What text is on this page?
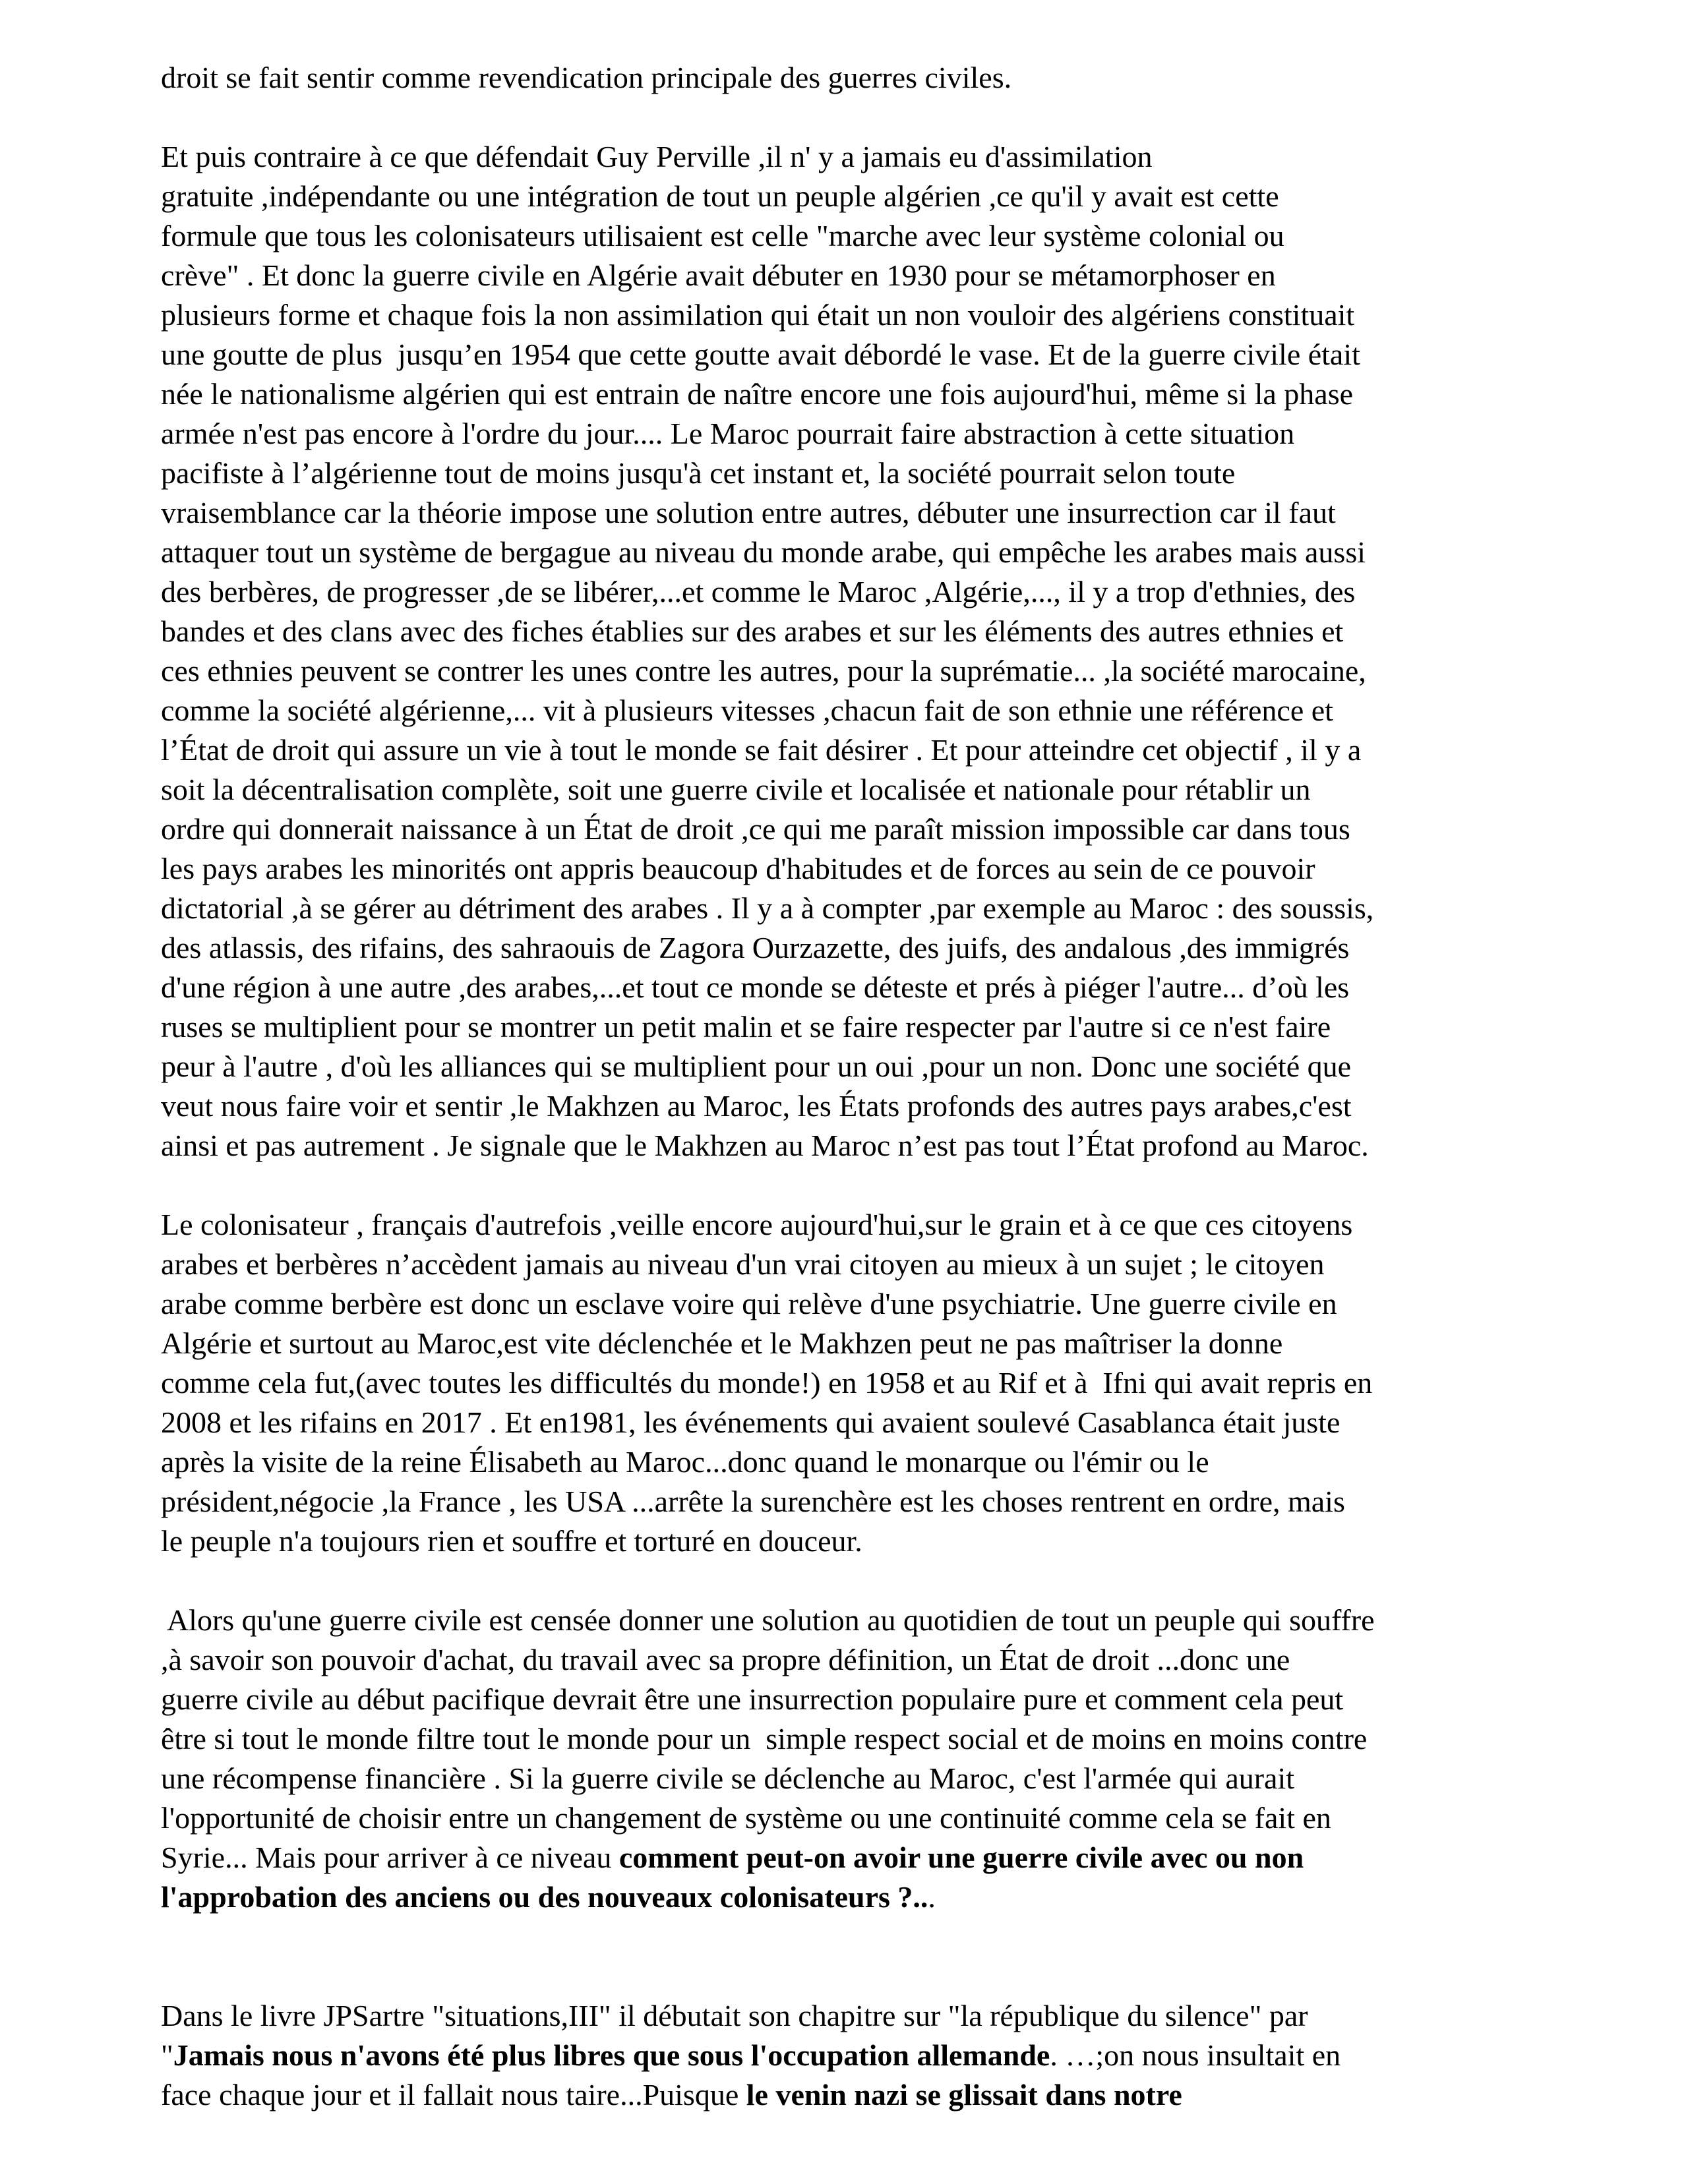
droit se fait sentir comme revendication principale des guerres civiles.
Et puis contraire à ce que défendait Guy Perville ,il n' y a jamais eu d'assimilation
gratuite ,indépendante ou une intégration de tout un peuple algérien ,ce qu'il y avait est cette
formule que tous les colonisateurs utilisaient est celle "marche avec leur système colonial ou
crève" . Et donc la guerre civile en Algérie avait débuter en 1930 pour se métamorphoser en
plusieurs forme et chaque fois la non assimilation qui était un non vouloir des algériens constituait
une goutte de plus  jusqu’en 1954 que cette goutte avait débordé le vase. Et de la guerre civile était
née le nationalisme algérien qui est entrain de naître encore une fois aujourd'hui, même si la phase
armée n'est pas encore à l'ordre du jour.... Le Maroc pourrait faire abstraction à cette situation
pacifiste à l’algérienne tout de moins jusqu'à cet instant et, la société pourrait selon toute
vraisemblance car la théorie impose une solution entre autres, débuter une insurrection car il faut
attaquer tout un système de bergague au niveau du monde arabe, qui empêche les arabes mais aussi
des berbères, de progresser ,de se libérer,...et comme le Maroc ,Algérie,..., il y a trop d'ethnies, des
bandes et des clans avec des fiches établies sur des arabes et sur les éléments des autres ethnies et
ces ethnies peuvent se contrer les unes contre les autres, pour la suprématie... ,la société marocaine,
comme la société algérienne,... vit à plusieurs vitesses ,chacun fait de son ethnie une référence et
l’État de droit qui assure un vie à tout le monde se fait désirer . Et pour atteindre cet objectif , il y a
soit la décentralisation complète, soit une guerre civile et localisée et nationale pour rétablir un
ordre qui donnerait naissance à un État de droit ,ce qui me paraît mission impossible car dans tous
les pays arabes les minorités ont appris beaucoup d'habitudes et de forces au sein de ce pouvoir
dictatorial ,à se gérer au détriment des arabes . Il y a à compter ,par exemple au Maroc : des soussis,
des atlassis, des rifains, des sahraouis de Zagora Ourzazette, des juifs, des andalous ,des immigrés
d'une région à une autre ,des arabes,...et tout ce monde se déteste et prés à piéger l'autre... d’où les
ruses se multiplient pour se montrer un petit malin et se faire respecter par l'autre si ce n'est faire
peur à l'autre , d'où les alliances qui se multiplient pour un oui ,pour un non. Donc une société que
veut nous faire voir et sentir ,le Makhzen au Maroc, les États profonds des autres pays arabes,c'est
ainsi et pas autrement . Je signale que le Makhzen au Maroc n’est pas tout l’État profond au Maroc.
Le colonisateur , français d'autrefois ,veille encore aujourd'hui,sur le grain et à ce que ces citoyens
arabes et berbères n’accèdent jamais au niveau d'un vrai citoyen au mieux à un sujet ; le citoyen
arabe comme berbère est donc un esclave voire qui relève d'une psychiatrie. Une guerre civile en
Algérie et surtout au Maroc,est vite déclenchée et le Makhzen peut ne pas maîtriser la donne
comme cela fut,(avec toutes les difficultés du monde!) en 1958 et au Rif et à  Ifni qui avait repris en
2008 et les rifains en 2017 . Et en1981, les événements qui avaient soulevé Casablanca était juste
après la visite de la reine Élisabeth au Maroc...donc quand le monarque ou l'émir ou le
président,négocie ,la France , les USA ...arrête la surenchère est les choses rentrent en ordre, mais
le peuple n'a toujours rien et souffre et torturé en douceur.
Alors qu'une guerre civile est censée donner une solution au quotidien de tout un peuple qui souffre
,à savoir son pouvoir d'achat, du travail avec sa propre définition, un État de droit ...donc une
guerre civile au début pacifique devrait être une insurrection populaire pure et comment cela peut
être si tout le monde filtre tout le monde pour un  simple respect social et de moins en moins contre
une récompense financière . Si la guerre civile se déclenche au Maroc, c'est l'armée qui aurait
l'opportunité de choisir entre un changement de système ou une continuité comme cela se fait en
Syrie... Mais pour arriver à ce niveau comment peut-on avoir une guerre civile avec ou non
l'approbation des anciens ou des nouveaux colonisateurs ?...
Dans le livre JPSartre "situations,III" il débutait son chapitre sur "la république du silence" par
"Jamais nous n'avons été plus libres que sous l'occupation allemande. …;on nous insultait en
face chaque jour et il fallait nous taire...Puisque le venin nazi se glissait dans notre
